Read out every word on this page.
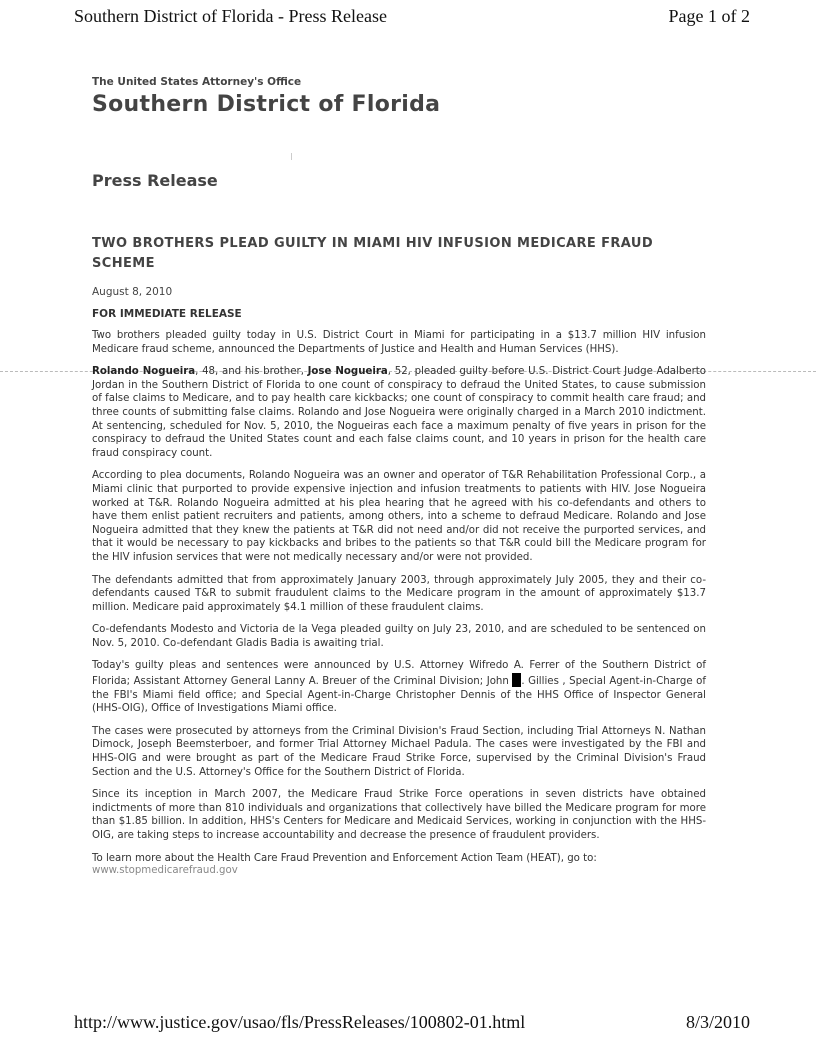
Southern District of Florida - Press Release	Page 1 of 2

The United States Attorney's Office

Southern District of Florida
Press Release
TWO BROTHERS PLEAD GUILTY IN MIAMI HIV INFUSION MEDICARE FRAUD SCHEME

August 8, 2010

FOR IMMEDIATE RELEASE

Two brothers pleaded guilty today in U.S. District Court in Miami for participating in a $13.7 million HIV infusion Medicare fraud scheme, announced the Departments of Justice and Health and Human Services (HHS).

Rolando Nogueira, 48, and his brother, Jose Nogueira, 52, pleaded guilty before U.S. District Court Judge Adalberto Jordan in the Southern District of Florida to one count of conspiracy to defraud the United States, to cause submission of false claims to Medicare, and to pay health care kickbacks; one count of conspiracy to commit health care fraud; and three counts of submitting false claims. Rolando and Jose Nogueira were originally charged in a March 2010 indictment. At sentencing, scheduled for Nov. 5, 2010, the Nogueiras each face a maximum penalty of five years in prison for the conspiracy to defraud the United States count and each false claims count, and 10 years in prison for the health care fraud conspiracy count.

According to plea documents, Rolando Nogueira was an owner and operator of T&R Rehabilitation Professional Corp., a Miami clinic that purported to provide expensive injection and infusion treatments to patients with HIV. Jose Nogueira worked at T&R. Rolando Nogueira admitted at his plea hearing that he agreed with his co-defendants and others to have them enlist patient recruiters and patients, among others, into a scheme to defraud Medicare. Rolando and Jose Nogueira admitted that they knew the patients at T&R did not need and/or did not receive the purported services, and that it would be necessary to pay kickbacks and bribes to the patients so that T&R could bill the Medicare program for the HIV infusion services that were not medically necessary and/or were not provided.

The defendants admitted that from approximately January 2003, through approximately July 2005, they and their co-defendants caused T&R to submit fraudulent claims to the Medicare program in the amount of approximately $13.7 million. Medicare paid approximately $4.1 million of these fraudulent claims.

Co-defendants Modesto and Victoria de la Vega pleaded guilty on July 23, 2010, and are scheduled to be sentenced on Nov. 5, 2010. Co-defendant Gladis Badia is awaiting trial.

Today's guilty pleas and sentences were announced by U.S. Attorney Wifredo A. Ferrer of the Southern District of Florida; Assistant Attorney General Lanny A. Breuer of the Criminal Division; John . Gillies , Special Agent-in-Charge of the FBI's Miami field office; and Special Agent-in-Charge Christopher Dennis of the HHS Office of Inspector General (HHS-OIG), Office of Investigations Miami office.

The cases were prosecuted by attorneys from the Criminal Division's Fraud Section, including Trial Attorneys N. Nathan Dimock, Joseph Beemsterboer, and former Trial Attorney Michael Padula. The cases were investigated by the FBI and HHS-OIG and were brought as part of the Medicare Fraud Strike Force, supervised by the Criminal Division's Fraud Section and the U.S. Attorney's Office for the Southern District of Florida.

Since its inception in March 2007, the Medicare Fraud Strike Force operations in seven districts have obtained indictments of more than 810 individuals and organizations that collectively have billed the Medicare program for more than $1.85 billion. In addition, HHS's Centers for Medicare and Medicaid Services, working in conjunction with the HHS-OIG, are taking steps to increase accountability and decrease the presence of fraudulent providers.

To learn more about the Health Care Fraud Prevention and Enforcement Action Team (HEAT), go to:

www.stopmedicarefraud.gov

http://www.justice.gov/usao/fls/PressReleases/100802-01.html	8/3/2010
